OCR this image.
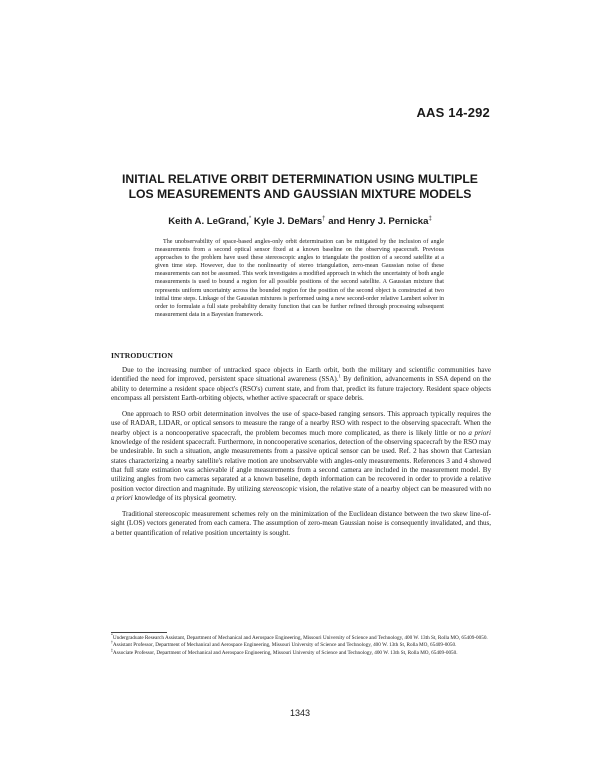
AAS 14-292
INITIAL RELATIVE ORBIT DETERMINATION USING MULTIPLE
LOS MEASUREMENTS AND GAUSSIAN MIXTURE MODELS
Keith A. LeGrand,* Kyle J. DeMars† and Henry J. Pernicka‡

The unobservability of space-based angles-only orbit determination can be mitigated by the inclusion of angle measurements from a second optical sensor fixed at a known baseline on the observing spacecraft. Previous approaches to the problem have used these stereoscopic angles to triangulate the position of a second satellite at a given time step. However, due to the nonlinearity of stereo triangulation, zero-mean Gaussian noise of these measurements can not be assumed. This work investigates a modified approach in which the uncertainty of both angle measurements is used to bound a region for all possible positions of the second satellite. A Gaussian mixture that represents uniform uncertainty across the bounded region for the position of the second object is constructed at two initial time steps. Linkage of the Gaussian mixtures is performed using a new second-order relative Lambert solver in order to formulate a full state probability density function that can be further refined through processing subsequent measurement data in a Bayesian framework.

INTRODUCTION

Due to the increasing number of untracked space objects in Earth orbit, both the military and scientific communities have identified the need for improved, persistent space situational awareness (SSA).$^1$ By definition, advancements in SSA depend on the ability to determine a resident space object's (RSO's) current state, and from that, predict its future trajectory. Resident space objects encompass all persistent Earth-orbiting objects, whether active spacecraft or space debris.

One approach to RSO orbit determination involves the use of space-based ranging sensors. This approach typically requires the use of RADAR, LIDAR, or optical sensors to measure the range of a nearby RSO with respect to the observing spacecraft. When the nearby object is a noncooperative spacecraft, the problem becomes much more complicated, as there is likely little or no a priori knowledge of the resident spacecraft. Furthermore, in noncooperative scenarios, detection of the observing spacecraft by the RSO may be undesirable. In such a situation, angle measurements from a passive optical sensor can be used. Ref. 2 has shown that Cartesian states characterizing a nearby satellite's relative motion are unobservable with angles-only measurements. References 3 and 4 showed that full state estimation was achievable if angle measurements from a second camera are included in the measurement model. By utilizing angles from two cameras separated at a known baseline, depth information can be recovered in order to provide a relative position vector direction and magnitude. By utilizing stereoscopic vision, the relative state of a nearby object can be measured with no a priori knowledge of its physical geometry.

Traditional stereoscopic measurement schemes rely on the minimization of the Euclidean distance between the two skew line-of-sight (LOS) vectors generated from each camera. The assumption of zero-mean Gaussian noise is consequently invalidated, and thus, a better quantification of relative position uncertainty is sought.

*Undergraduate Research Assistant, Department of Mechanical and Aerospace Engineering, Missouri University of Science and Technology, 400 W. 13th St, Rolla MO, 65409-0050.

†Assistant Professor, Department of Mechanical and Aerospace Engineering, Missouri University of Science and Technology, 400 W. 13th St, Rolla MO, 65409-0050.

‡Associate Professor, Department of Mechanical and Aerospace Engineering, Missouri University of Science and Technology, 400 W. 13th St, Rolla MO, 65409-0050.

1343
